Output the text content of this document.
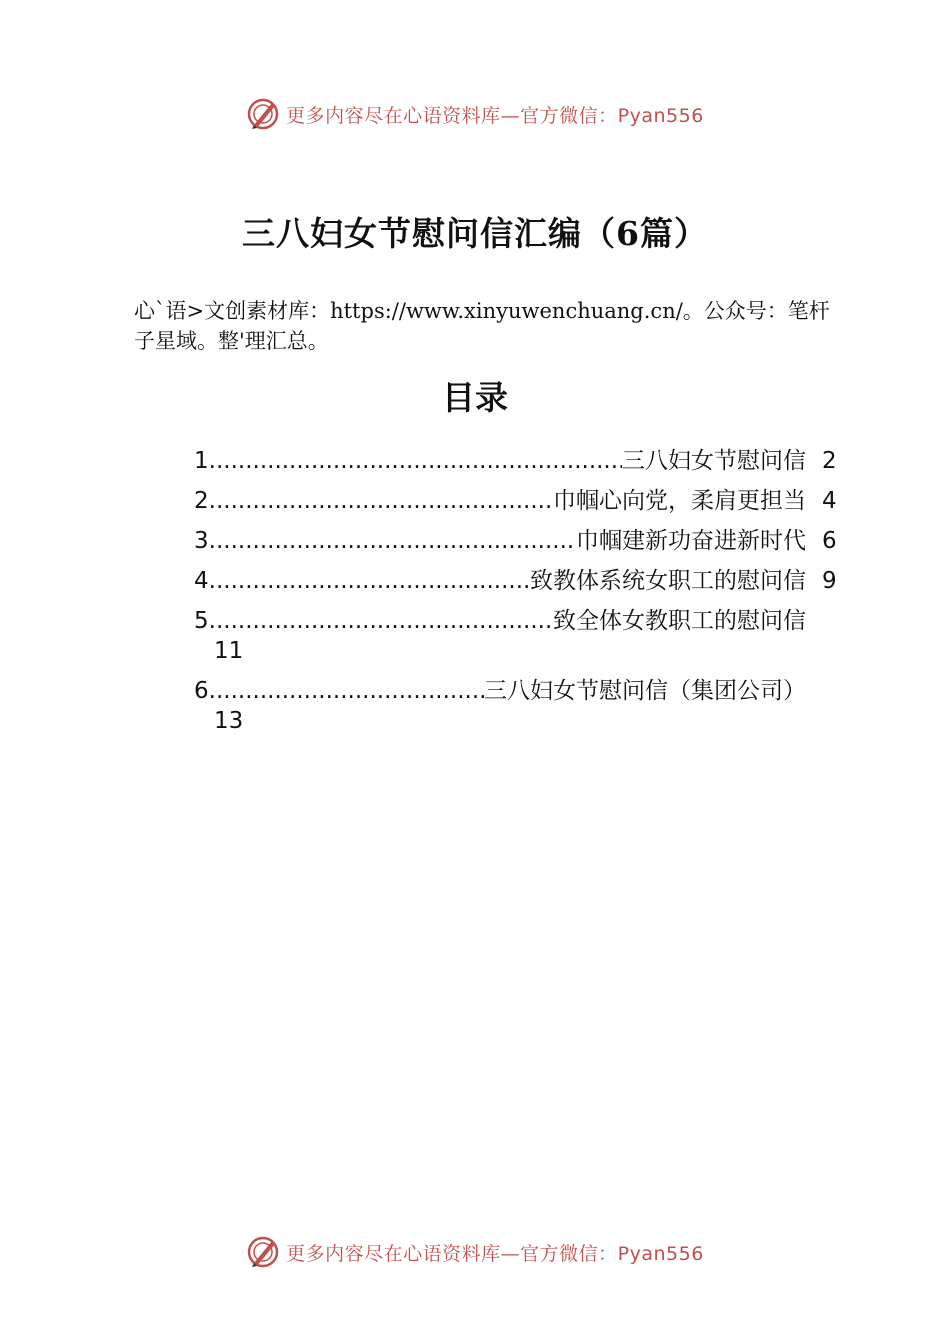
更多内容尽在心语资料库—官方微信：Pyan556
三八妇女节慰问信汇编（6篇）
心`语>文创素材库：https://www.xinyuwenchuang.cn/。公众号：笔杆子星域。整'理汇总。
目录
1 .....	三八妇女节慰问信 2
2 .....	巾帼心向党，柔肩更担当 4
3 .....	巾帼建新功奋进新时代 6
4 .....	致教体系统女职工的慰问信 9
5 .....	致全体女教职工的慰问信
11
6 .....	三八妇女节慰问信（集团公司）
13
更多内容尽在心语资料库—官方微信：Pyan556
